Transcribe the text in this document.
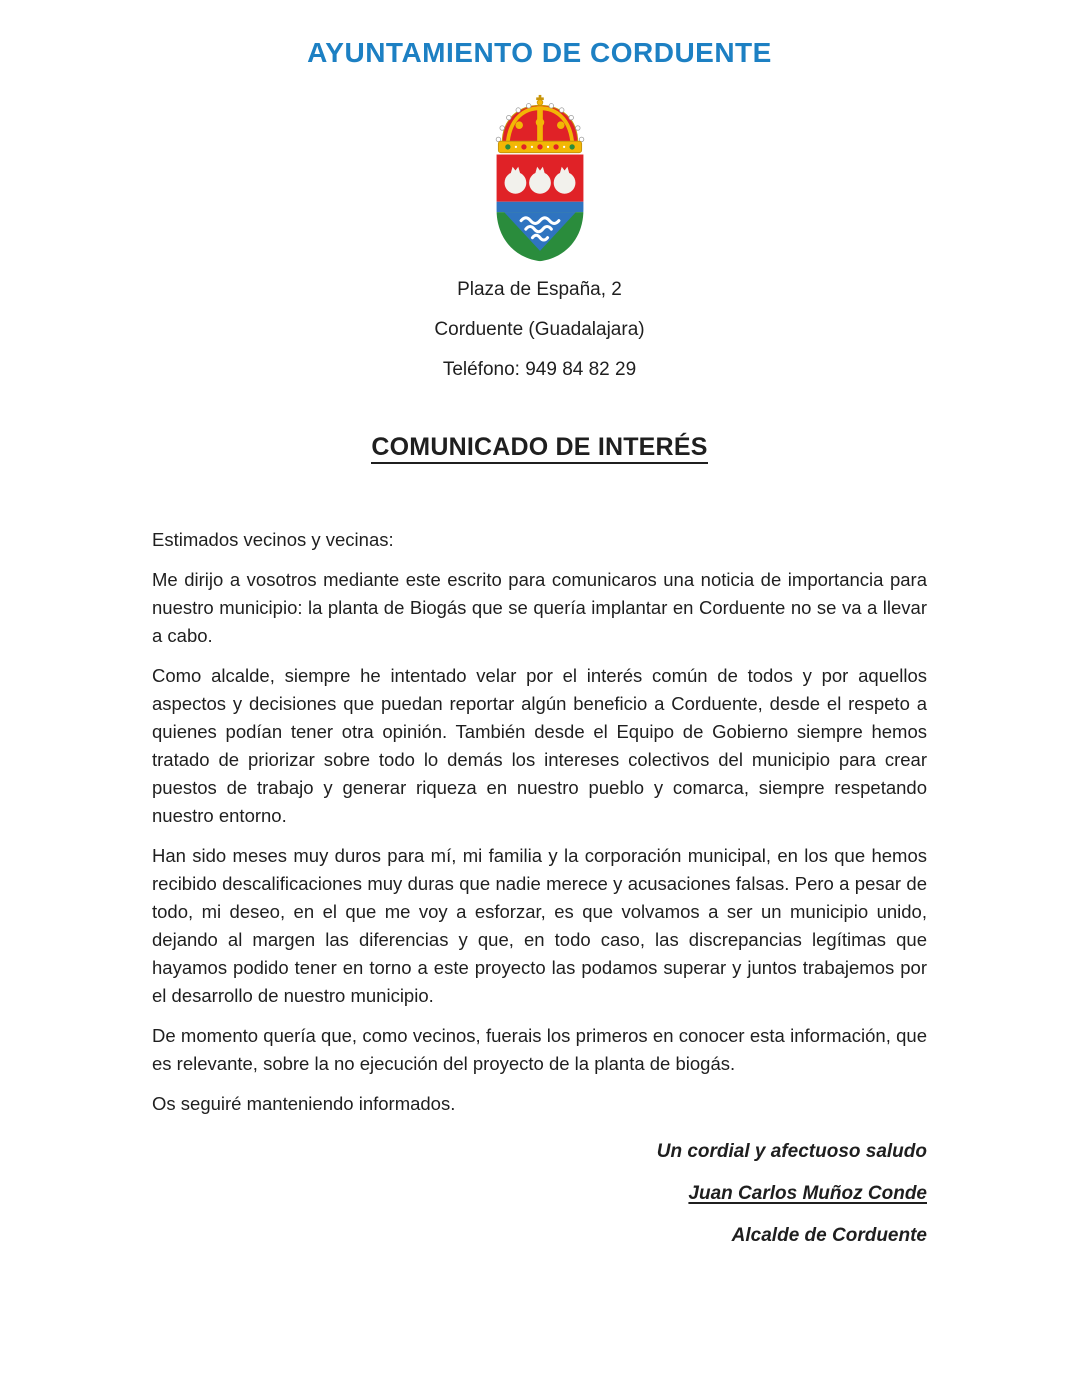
AYUNTAMIENTO DE CORDUENTE

Plaza de España, 2

Corduente (Guadalajara)

Teléfono: 949 84 82 29

COMUNICADO DE INTERÉS

Estimados vecinos y vecinas:

Me dirijo a vosotros mediante este escrito para comunicaros una noticia de importancia para nuestro municipio: la planta de Biogás que se quería implantar en Corduente no se va a llevar a cabo.

Como alcalde, siempre he intentado velar por el interés común de todos y por aquellos aspectos y decisiones que puedan reportar algún beneficio a Corduente, desde el respeto a quienes podían tener otra opinión. También desde el Equipo de Gobierno siempre hemos tratado de priorizar sobre todo lo demás los intereses colectivos del municipio para crear puestos de trabajo y generar riqueza en nuestro pueblo y comarca, siempre respetando nuestro entorno.

Han sido meses muy duros para mí, mi familia y la corporación municipal, en los que hemos recibido descalificaciones muy duras que nadie merece y acusaciones falsas. Pero a pesar de todo, mi deseo, en el que me voy a esforzar, es que volvamos a ser un municipio unido, dejando al margen las diferencias y que, en todo caso, las discrepancias legítimas que hayamos podido tener en torno a este proyecto las podamos superar y juntos trabajemos por el desarrollo de nuestro municipio.

De momento quería que, como vecinos, fuerais los primeros en conocer esta información, que es relevante, sobre la no ejecución del proyecto de la planta de biogás.

Os seguiré manteniendo informados.

Un cordial y afectuoso saludo

Juan Carlos Muñoz Conde

Alcalde de Corduente
